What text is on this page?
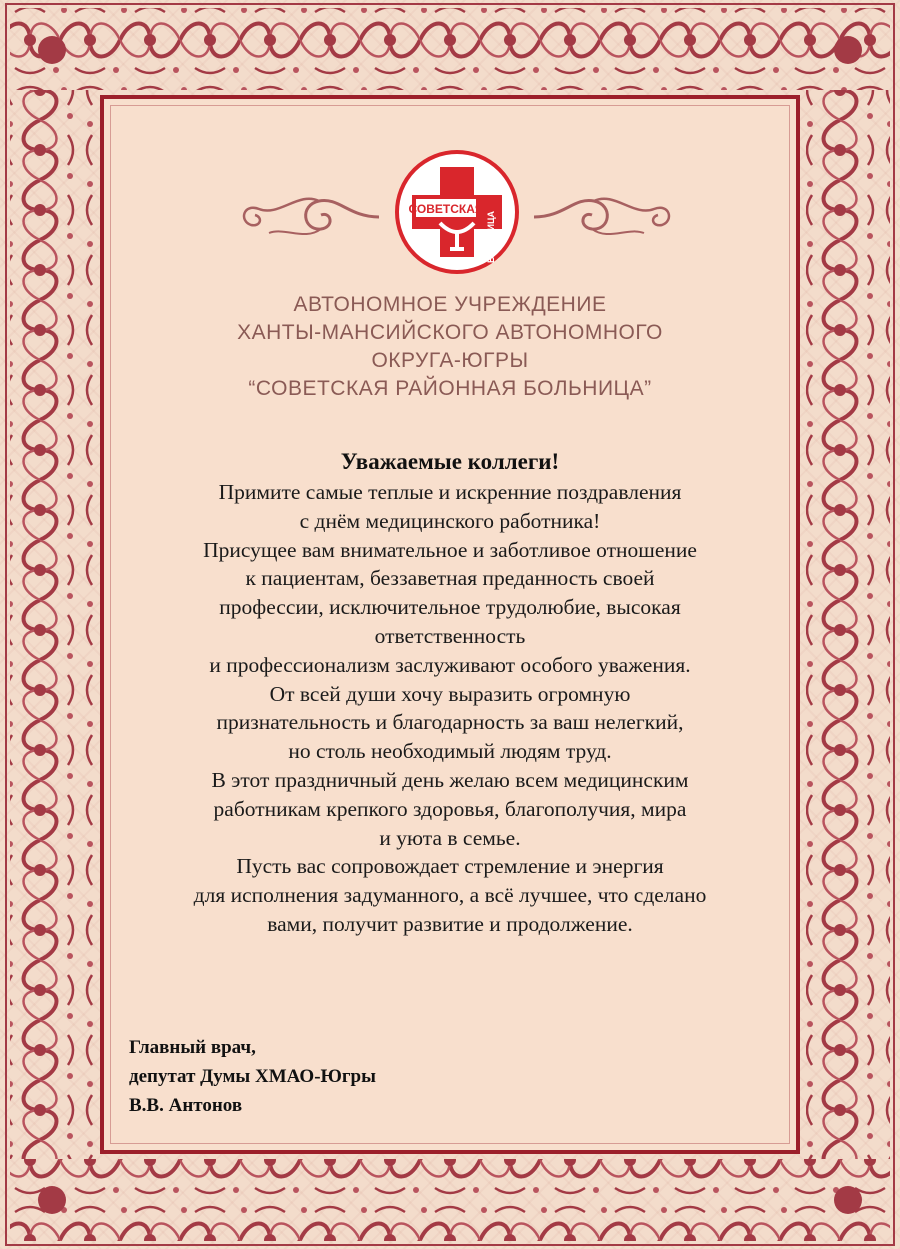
СОВЕТСКАЯ
БОЛЬНИЦА
АВТОНОМНОЕ УЧРЕЖДЕНИЕ
ХАНТЫ-МАНСИЙСКОГО АВТОНОМНОГО
ОКРУГА-ЮГРЫ
“СОВЕТСКАЯ РАЙОННАЯ БОЛЬНИЦА”
Уважаемые коллеги!
Примите самые теплые и искренние поздравления
с днём медицинского работника!
Присущее вам внимательное и заботливое отношение
к пациентам, беззаветная преданность своей
профессии, исключительное трудолюбие, высокая
ответственность
и профессионализм заслуживают особого уважения.
От всей души хочу выразить огромную
признательность и благодарность за ваш нелегкий,
но столь необходимый людям труд.
В этот праздничный день желаю всем медицинским
работникам крепкого здоровья, благополучия, мира
и уюта в семье.
Пусть вас сопровождает стремление и энергия
для исполнения задуманного, а всё лучшее, что сделано
вами, получит развитие и продолжение.
Главный врач,
депутат Думы ХМАО-Югры
В.В. Антонов
